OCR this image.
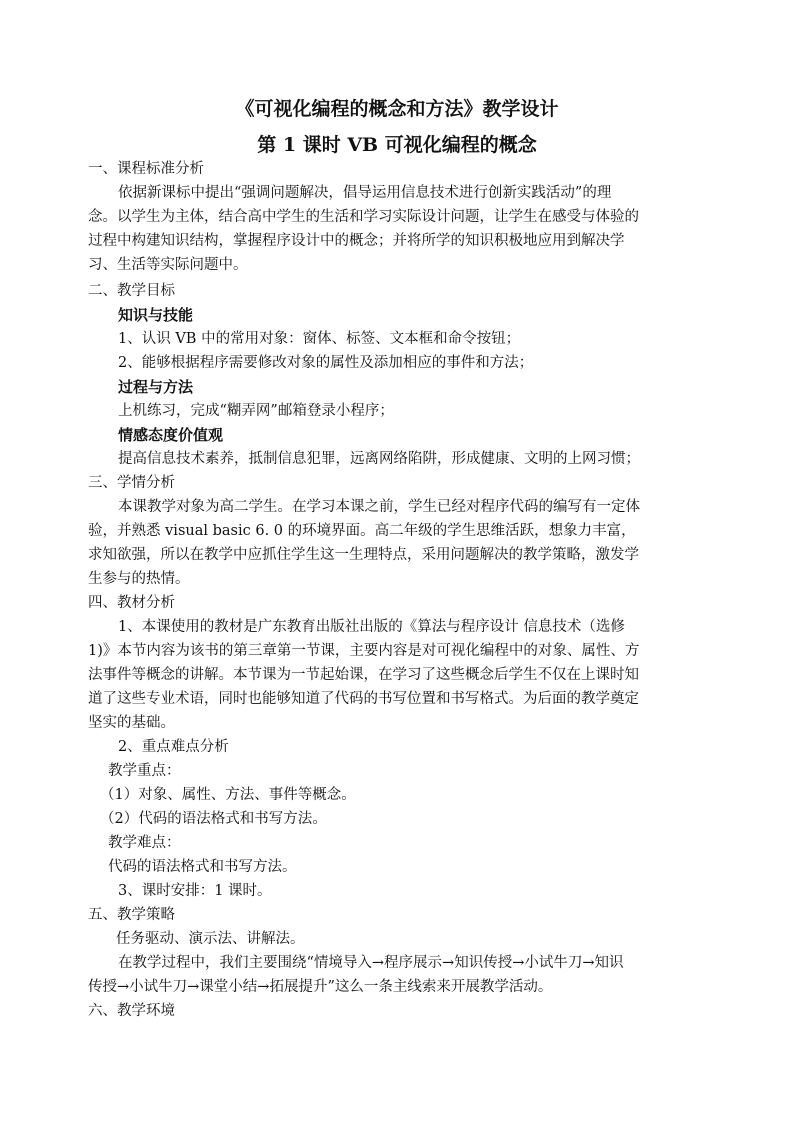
《可视化编程的概念和方法》教学设计
第 1 课时 VB 可视化编程的概念
一、课程标准分析
依据新课标中提出“强调问题解决，倡导运用信息技术进行创新实践活动”的理
念。以学生为主体，结合高中学生的生活和学习实际设计问题，让学生在感受与体验的
过程中构建知识结构，掌握程序设计中的概念；并将所学的知识积极地应用到解决学
习、生活等实际问题中。
二、教学目标
知识与技能
1、认识 VB 中的常用对象：窗体、标签、文本框和命令按钮；
2、能够根据程序需要修改对象的属性及添加相应的事件和方法；
过程与方法
上机练习，完成“糊弄网”邮箱登录小程序；
情感态度价值观
提高信息技术素养，抵制信息犯罪，远离网络陷阱，形成健康、文明的上网习惯；
三、学情分析
本课教学对象为高二学生。在学习本课之前，学生已经对程序代码的编写有一定体
验，并熟悉 visual basic 6. 0 的环境界面。高二年级的学生思维活跃，想象力丰富，
求知欲强，所以在教学中应抓住学生这一生理特点，采用问题解决的教学策略，激发学
生参与的热情。
四、教材分析
1、本课使用的教材是广东教育出版社出版的《算法与程序设计 信息技术（选修
1)》本节内容为该书的第三章第一节课，主要内容是对可视化编程中的对象、属性、方
法事件等概念的讲解。本节课为一节起始课，在学习了这些概念后学生不仅在上课时知
道了这些专业术语，同时也能够知道了代码的书写位置和书写格式。为后面的教学奠定
坚实的基础。
2、重点难点分析
教学重点：
（1）对象、属性、方法、事件等概念。
（2）代码的语法格式和书写方法。
教学难点：
代码的语法格式和书写方法。
3、课时安排：1 课时。
五、教学策略
任务驱动、演示法、讲解法。
在教学过程中，我们主要围绕“情境导入→程序展示→知识传授→小试牛刀→知识
传授→小试牛刀→课堂小结→拓展提升”这么一条主线索来开展教学活动。
六、教学环境
